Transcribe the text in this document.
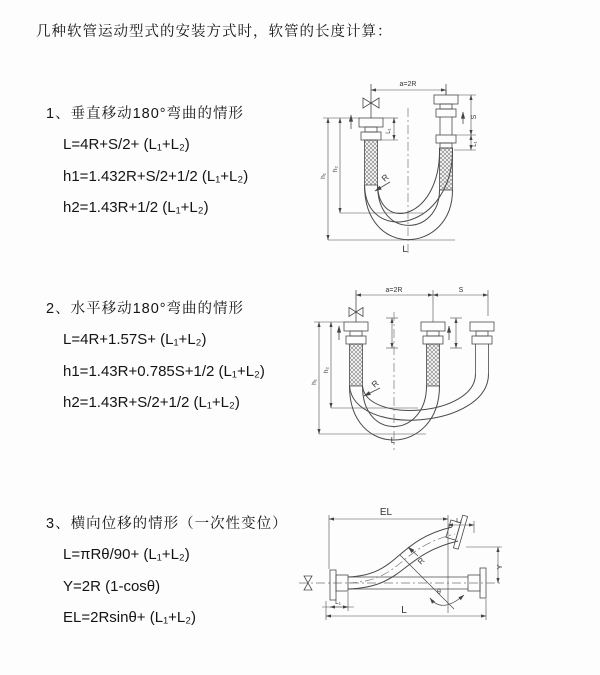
几种软管运动型式的安装方式时，软管的长度计算：

1、垂直移动180°弯曲的情形

L=4R+S/2+ (L₁+L₂)

h1=1.432R+S/2+1/2 (L₁+L₂)

h2=1.43R+1/2 (L₁+L₂)

2、水平移动180°弯曲的情形

L=4R+1.57S+ (L₁+L₂)

h1=1.43R+0.785S+1/2 (L₁+L₂)

h2=1.43R+S/2+1/2 (L₁+L₂)

3、横向位移的情形（一次性变位）

L=πRθ/90+ (L₁+L₂)

Y=2R (1-cosθ)

EL=2Rsinθ+ (L₁+L₂)

a=2R
L₁
S
L₁
h₁
h₂
R
L
a=2R	S
h₁
h₂
R
L
EL
L₁
Y
R
θ
L
L₁
